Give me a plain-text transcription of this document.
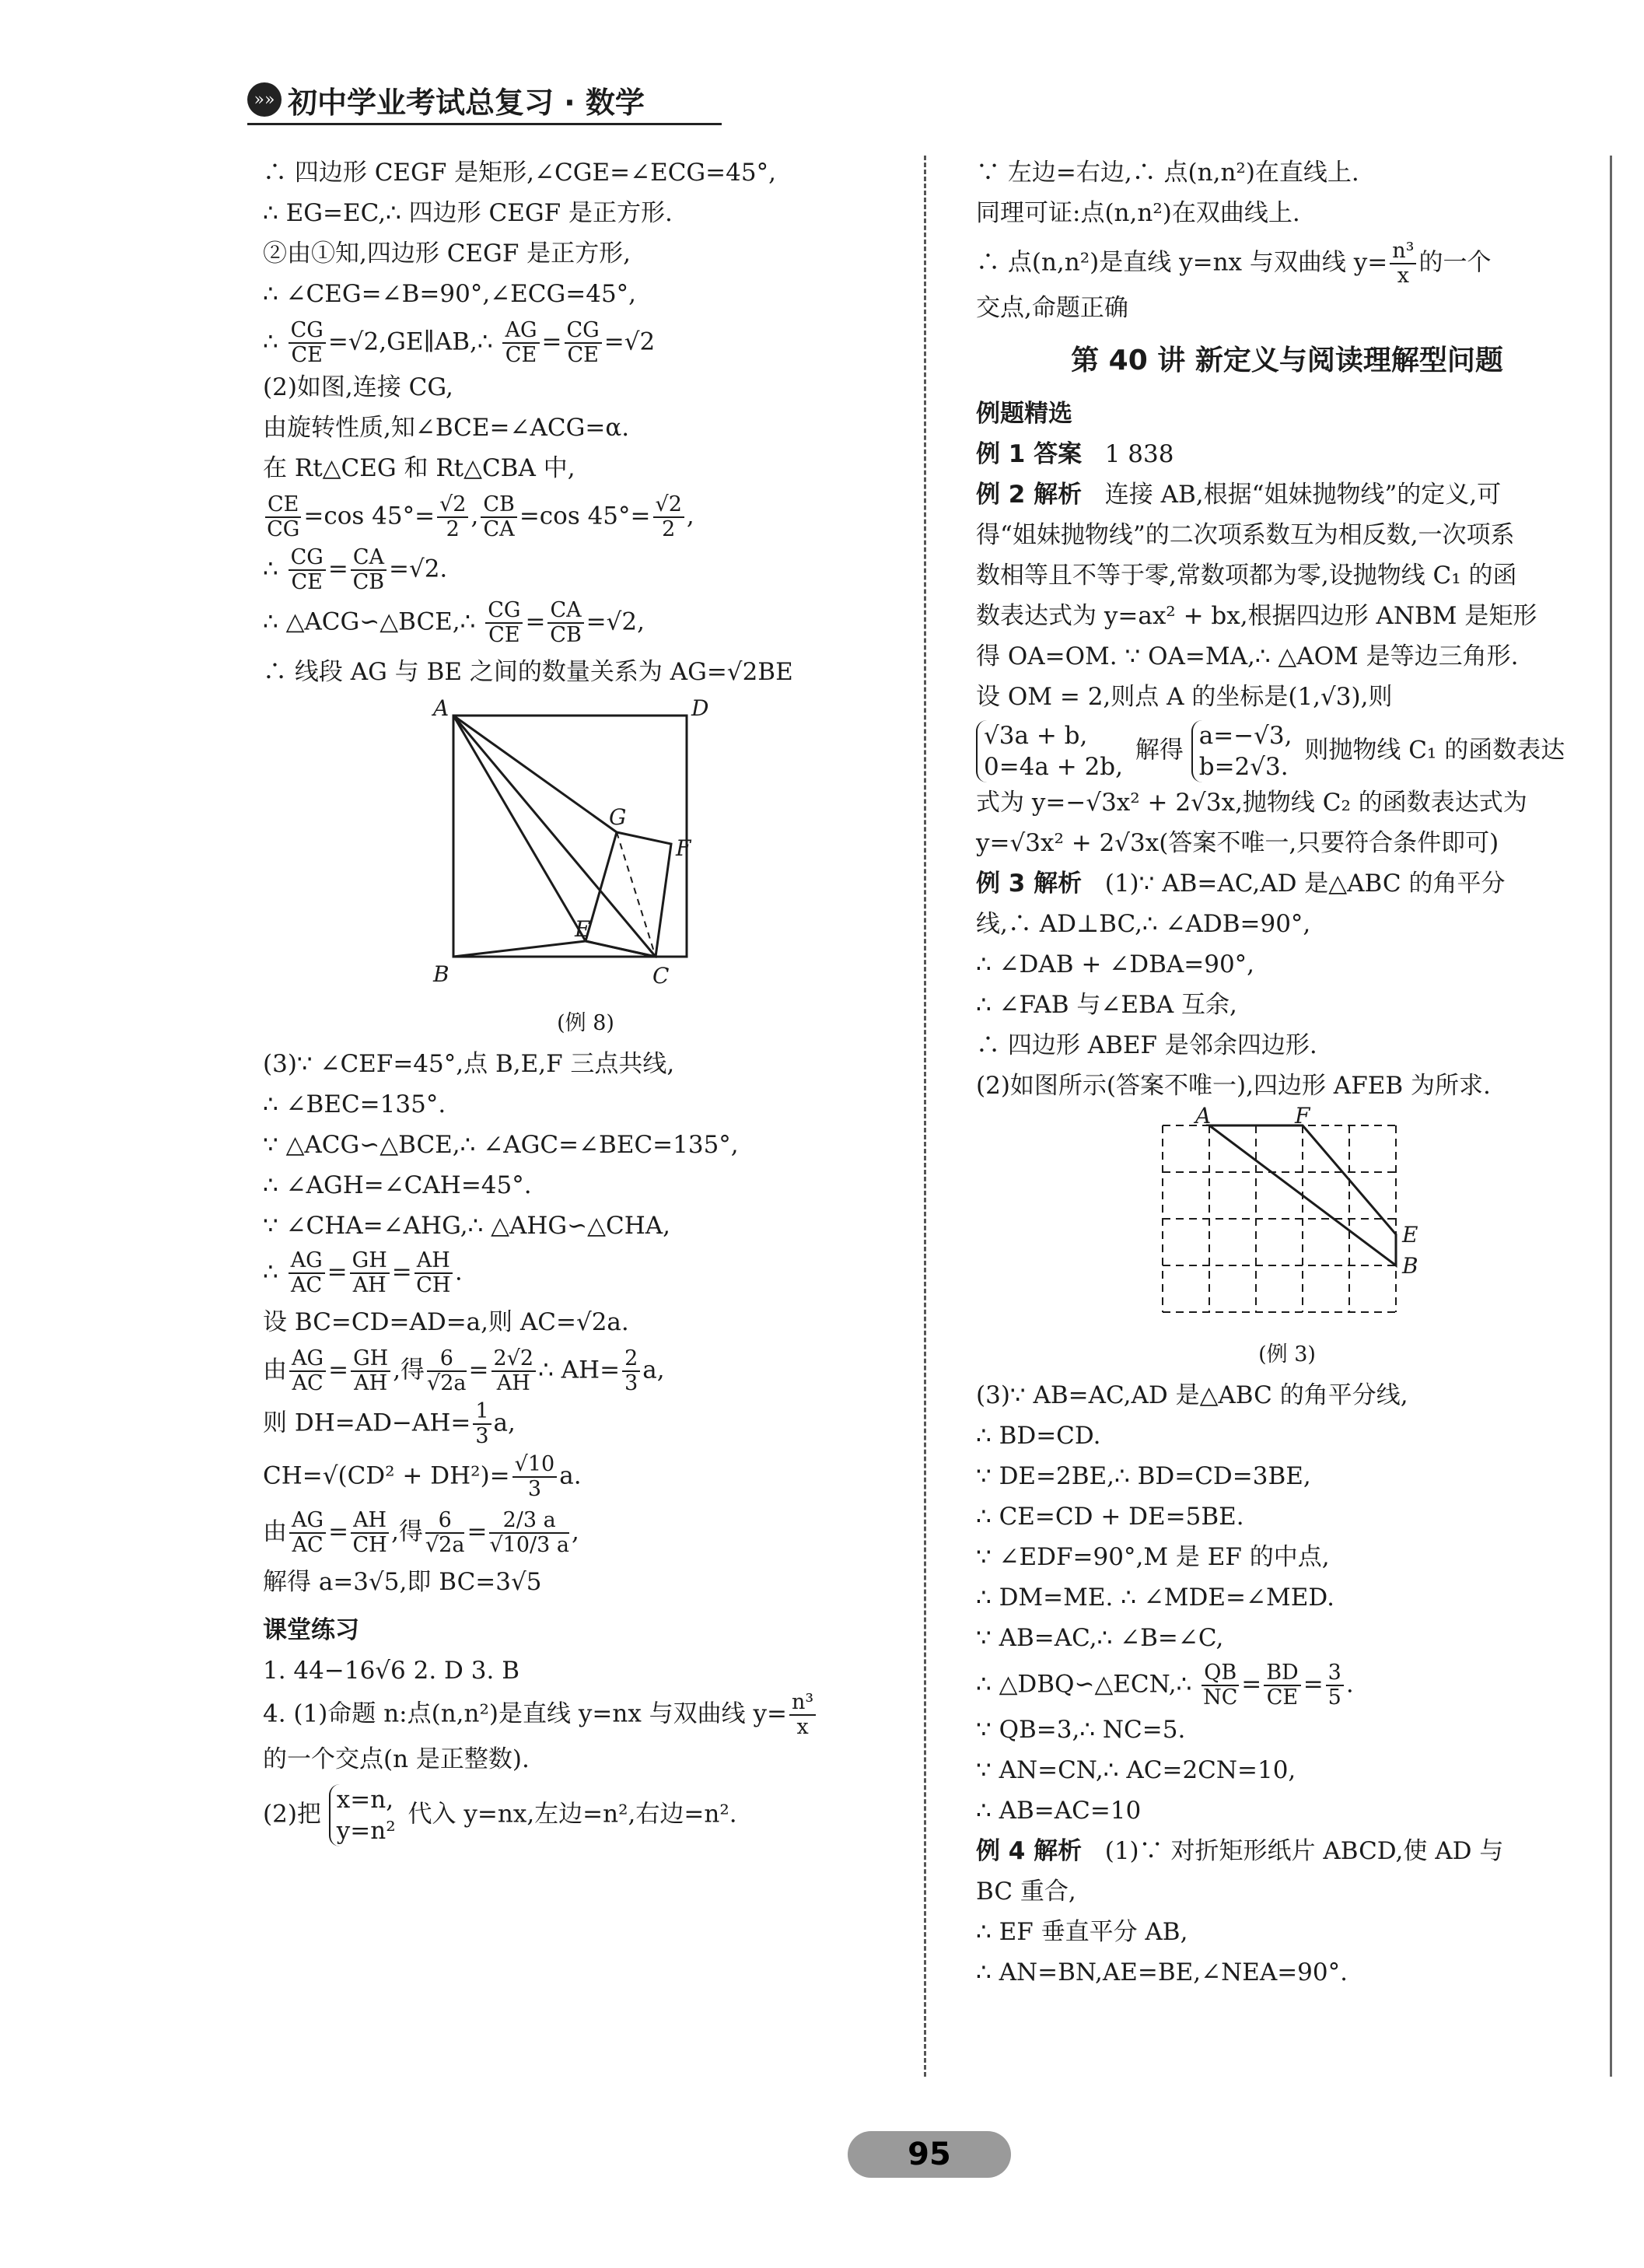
»» 初中学业考试总复习 · 数学
∴ 四边形 CEGF 是矩形,∠CGE=∠ECG=45°,
∴ EG=EC,∴ 四边形 CEGF 是正方形.
②由①知,四边形 CEGF 是正方形,
∴ ∠CEG=∠B=90°,∠ECG=45°,
∴ $\frac{CG}{CE}$ =√2,GE∥AB,∴ $\frac{AG}{CE} = \frac{CG}{CE} =√2$
(2)如图,连接 CG,
由旋转性质,知∠BCE=∠ACG=α.
在 Rt△CEG 和 Rt△CBA 中,
$\frac{CE}{CG} =\cos$ $45^\circ= \frac{√2}{2}$ , $\frac{CB}{CA} =\cos$ $45^\circ= \frac{√2}{2}$ ,
∴ $\frac{CG}{CE} = \frac{CA}{CB} =√2$.
∴ △ACG∽△BCE,∴ $\frac{CG}{CE} = \frac{CA}{CB} =√2$,
∴ 线段 AG 与 BE 之间的数量关系为 AG=√2BE
A	D
G
F
E
B	C
(例 8)
(3)∵ ∠CEF=45°,点 B,E,F 三点共线,
∴ ∠BEC=135°.
∵ △ACG∽△BCE,∴ ∠AGC=∠BEC=135°,
∴ ∠AGH=∠CAH=45°.
∵ ∠CHA=∠AHG,∴ △AHG∽△CHA,
∴ $\frac{AG}{AC} = \frac{GH}{AH} = \frac{AH}{CH}$ .
设 BC=CD=AD=a,则 AC=√2a.
由 $\frac{AG}{AC} = \frac{GH}{AH}$ ,得 $\frac{6}{√2a} = \frac{2√2}{AH}$ ∴ $AH= \frac{2}{3} a$,
则 $DH=AD-AH= \frac{1}{3} a$,
$CH=√(CD^2 + DH^2)= \frac{√10}{3} a$.
由 $\frac{AG}{AC} = \frac{AH}{CH}$ ,得 $\frac{6}{√2a} = \frac{2/3 a}{√10/3 a}$ ,
解得 a=3√5,即 BC=3√5
课堂练习
1. 44−16√6 2. D 3. B
4. (1)命题 n:点(n,n²)是直线 y=nx 与双曲线 $y= \frac{\text{n³}}{x}$
的一个交点(n 是正整数).
(2)把
x=n,
y=n²
代入 y=nx,左边=n²,右边=n².
∵ 左边=右边,∴ 点(n,n²)在直线上.
同理可证:点(n,n²)在双曲线上.
∴ 点(n,n²)是直线 y=nx 与双曲线 $y= \frac{\text{n³}}{x}$ 的一个
交点,命题正确
第 40 讲 新定义与阅读理解型问题
例题精选
例 1 答案 1 838
例 2 解析 连接 AB,根据“姐妹抛物线”的定义,可
得“姐妹抛物线”的二次项系数互为相反数,一次项系
数相等且不等于零,常数项都为零,设抛物线 C₁ 的函
数表达式为 y=ax² + bx,根据四边形 ANBM 是矩形
得 OA=OM. ∵ OA=MA,∴ △AOM 是等边三角形.
设 OM = 2,则点 A 的坐标是(1,√3),则
√3a + b,
0=4a + 2b,
解得
a=−√3,
b=2√3.
则抛物线 C₁ 的函数表达
式为 y=−√3x² + 2√3x,抛物线 C₂ 的函数表达式为
y=√3x² + 2√3x(答案不唯一,只要符合条件即可)
例 3 解析 (1)∵ AB=AC,AD 是△ABC 的角平分
线,∴ AD⊥BC,∴ ∠ADB=90°,
∴ ∠DAB + ∠DBA=90°,
∴ ∠FAB 与∠EBA 互余,
∴ 四边形 ABEF 是邻余四边形.
(2)如图所示(答案不唯一),四边形 AFEB 为所求.
A	F
E
B
(例 3)
(3)∵ AB=AC,AD 是△ABC 的角平分线,
∴ BD=CD.
∵ DE=2BE,∴ BD=CD=3BE,
∴ CE=CD + DE=5BE.
∵ ∠EDF=90°,M 是 EF 的中点,
∴ DM=ME. ∴ ∠MDE=∠MED.
∵ AB=AC,∴ ∠B=∠C,
∴ △DBQ∽△ECN,∴ $\frac{QB}{NC} = \frac{BD}{CE} = \frac{3}{5}$ .
∵ QB=3,∴ NC=5.
∵ AN=CN,∴ AC=2CN=10,
∴ AB=AC=10
例 4 解析 (1)∵ 对折矩形纸片 ABCD,使 AD 与
BC 重合,
∴ EF 垂直平分 AB,
∴ AN=BN,AE=BE,∠NEA=90°.
95
